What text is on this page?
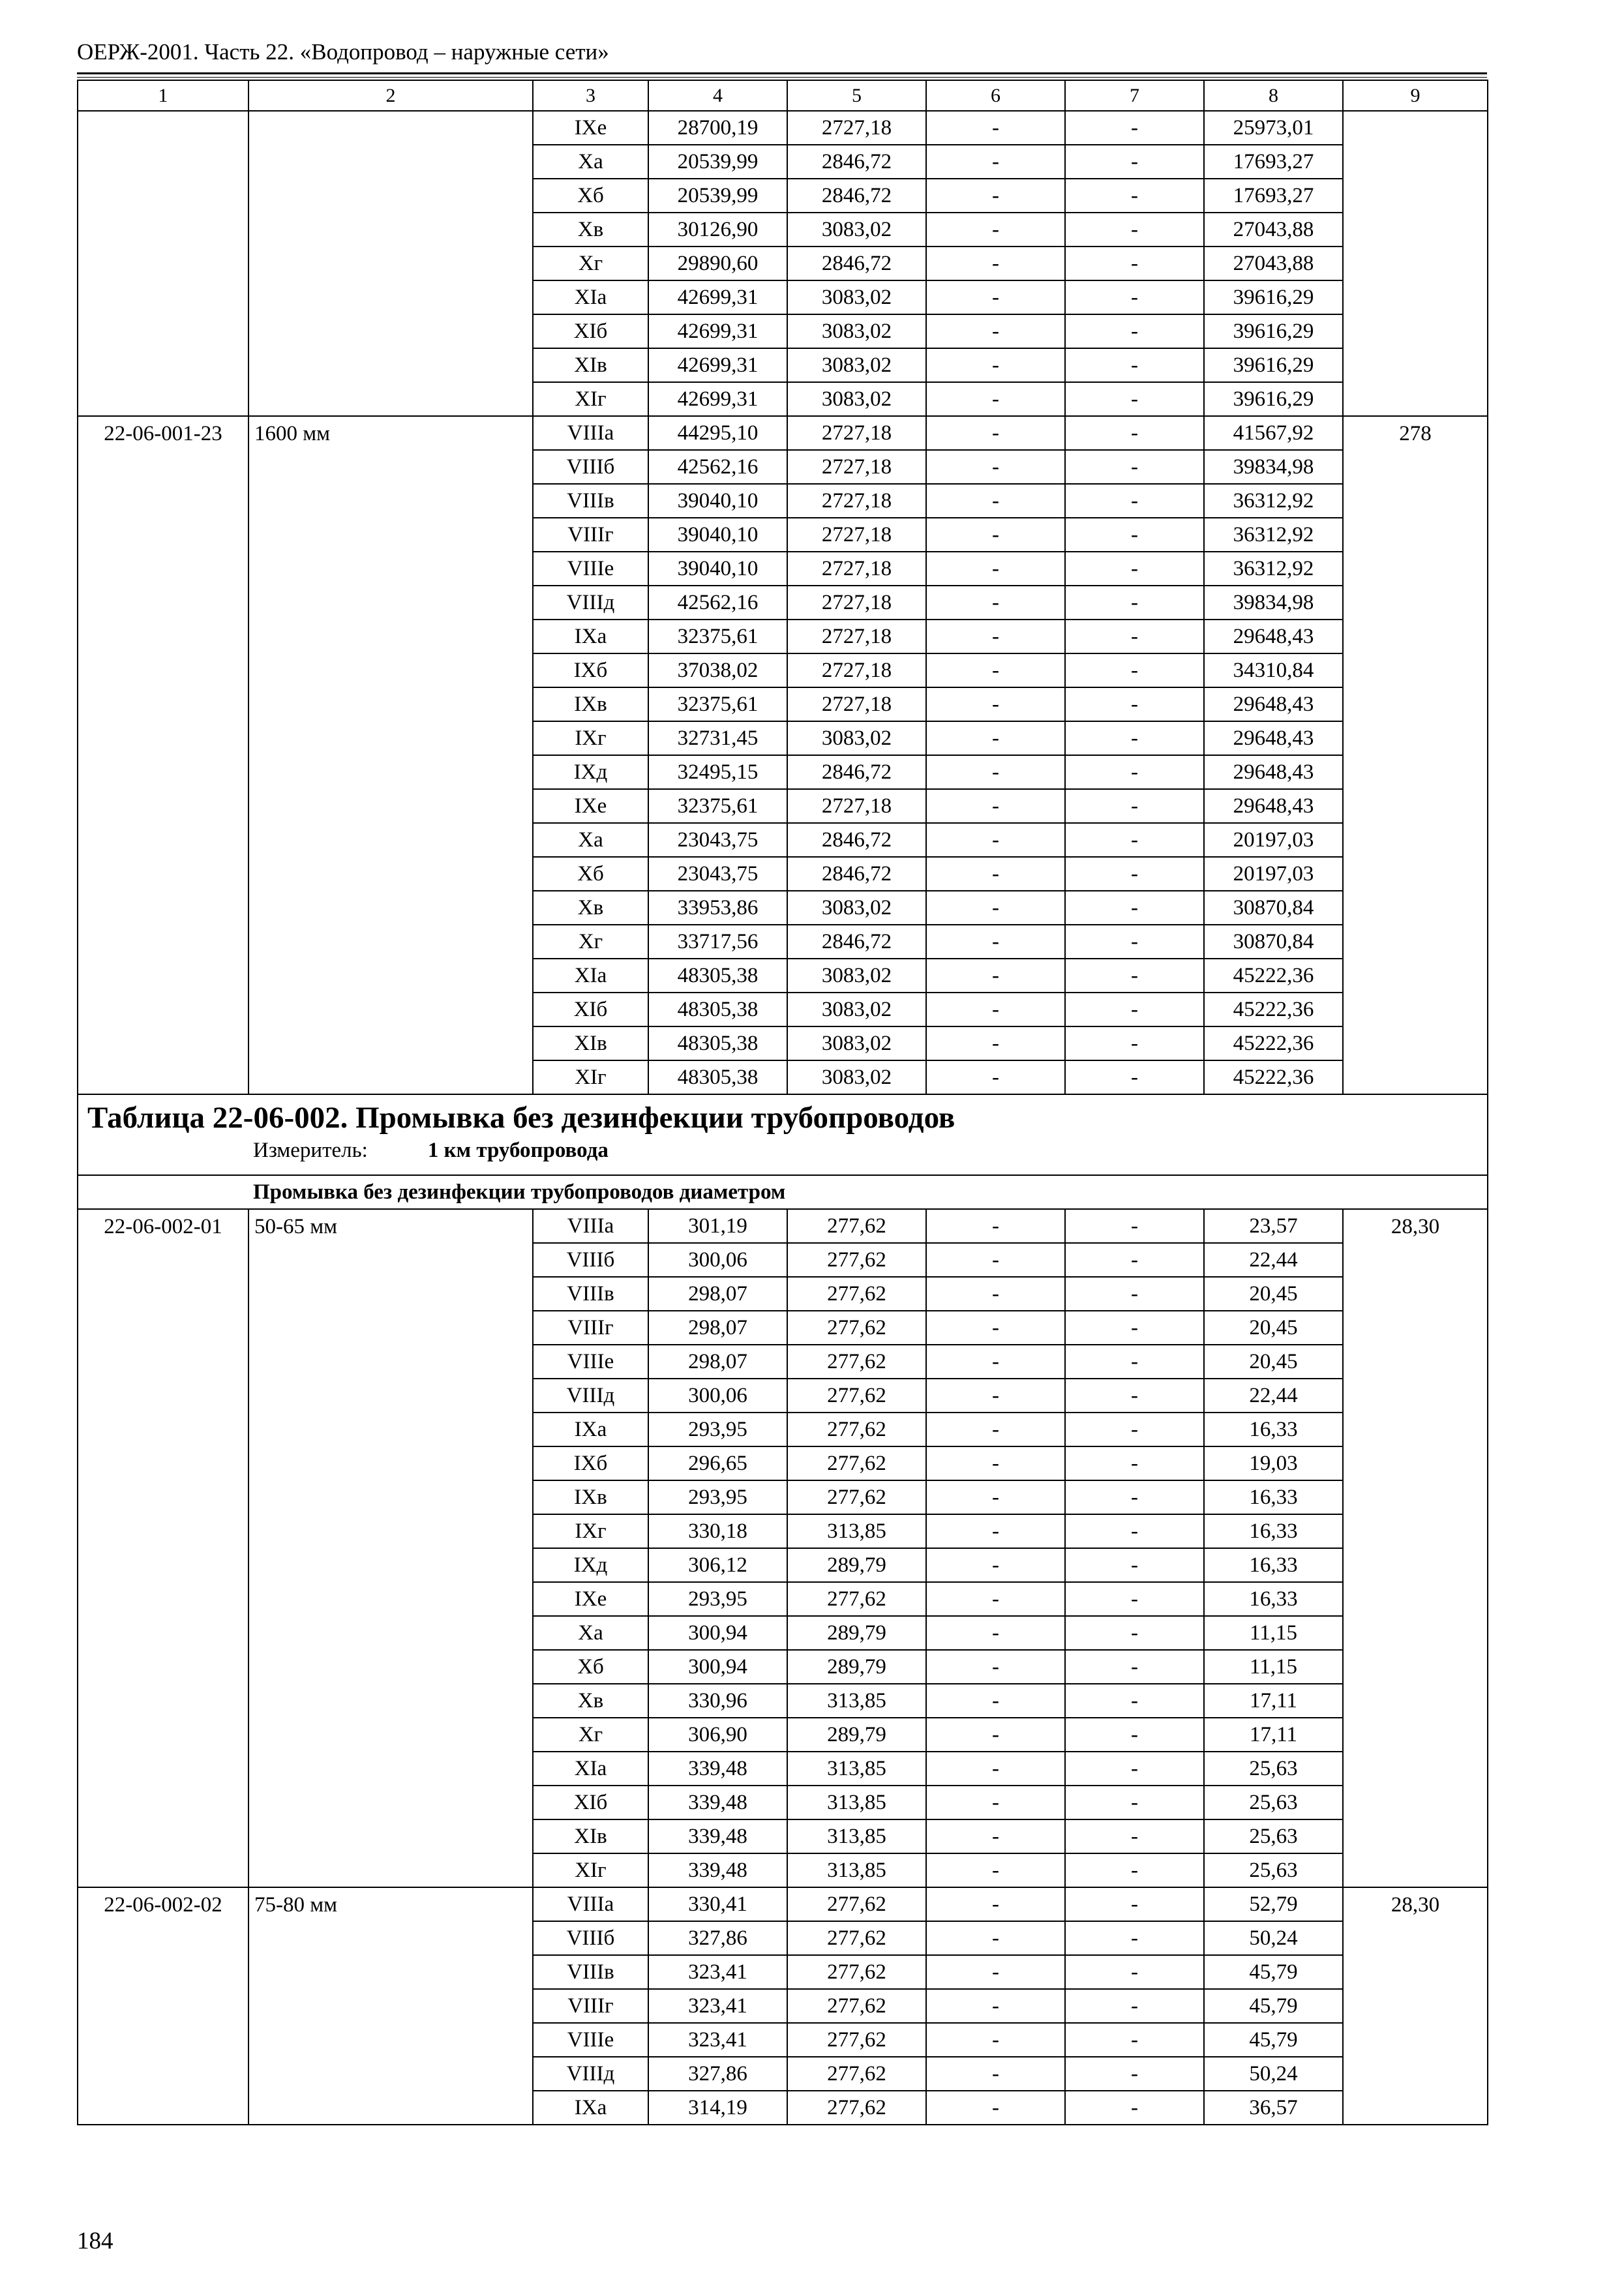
ОЕРЖ-2001. Часть 22. «Водопровод – наружные сети»
1	2	3	4	5	6	7	8	9
		IXе	28700,19	2727,18	-	-	25973,01	
		Xа	20539,99	2846,72	-	-	17693,27	
		Xб	20539,99	2846,72	-	-	17693,27	
		Xв	30126,90	3083,02	-	-	27043,88	
		Xг	29890,60	2846,72	-	-	27043,88	
		XIа	42699,31	3083,02	-	-	39616,29	
		XIб	42699,31	3083,02	-	-	39616,29	
		XIв	42699,31	3083,02	-	-	39616,29	
		XIг	42699,31	3083,02	-	-	39616,29	
22-06-001-23	1600 мм	VIIIа	44295,10	2727,18	-	-	41567,92	278
		VIIIб	42562,16	2727,18	-	-	39834,98	
		VIIIв	39040,10	2727,18	-	-	36312,92	
		VIIIг	39040,10	2727,18	-	-	36312,92	
		VIIIе	39040,10	2727,18	-	-	36312,92	
		VIIIд	42562,16	2727,18	-	-	39834,98	
		IXа	32375,61	2727,18	-	-	29648,43	
		IXб	37038,02	2727,18	-	-	34310,84	
		IXв	32375,61	2727,18	-	-	29648,43	
		IXг	32731,45	3083,02	-	-	29648,43	
		IXд	32495,15	2846,72	-	-	29648,43	
		IXе	32375,61	2727,18	-	-	29648,43	
		Xа	23043,75	2846,72	-	-	20197,03	
		Xб	23043,75	2846,72	-	-	20197,03	
		Xв	33953,86	3083,02	-	-	30870,84	
		Xг	33717,56	2846,72	-	-	30870,84	
		XIа	48305,38	3083,02	-	-	45222,36	
		XIб	48305,38	3083,02	-	-	45222,36	
		XIв	48305,38	3083,02	-	-	45222,36	
		XIг	48305,38	3083,02	-	-	45222,36	

Таблица 22-06-002. Промывка без дезинфекции трубопроводов
Измеритель: 1 км трубопровода								

Промывка без дезинфекции трубопроводов диаметром								
22-06-002-01	50-65 мм	VIIIа	301,19	277,62	-	-	23,57	28,30
		VIIIб	300,06	277,62	-	-	22,44	
		VIIIв	298,07	277,62	-	-	20,45	
		VIIIг	298,07	277,62	-	-	20,45	
		VIIIе	298,07	277,62	-	-	20,45	
		VIIIд	300,06	277,62	-	-	22,44	
		IXа	293,95	277,62	-	-	16,33	
		IXб	296,65	277,62	-	-	19,03	
		IXв	293,95	277,62	-	-	16,33	
		IXг	330,18	313,85	-	-	16,33	
		IXд	306,12	289,79	-	-	16,33	
		IXе	293,95	277,62	-	-	16,33	
		Xа	300,94	289,79	-	-	11,15	
		Xб	300,94	289,79	-	-	11,15	
		Xв	330,96	313,85	-	-	17,11	
		Xг	306,90	289,79	-	-	17,11	
		XIа	339,48	313,85	-	-	25,63	
		XIб	339,48	313,85	-	-	25,63	
		XIв	339,48	313,85	-	-	25,63	
		XIг	339,48	313,85	-	-	25,63	
22-06-002-02	75-80 мм	VIIIа	330,41	277,62	-	-	52,79	28,30
		VIIIб	327,86	277,62	-	-	50,24	
		VIIIв	323,41	277,62	-	-	45,79	
		VIIIг	323,41	277,62	-	-	45,79	
		VIIIе	323,41	277,62	-	-	45,79	
		VIIIд	327,86	277,62	-	-	50,24	
		IXа	314,19	277,62	-	-	36,57	
184
